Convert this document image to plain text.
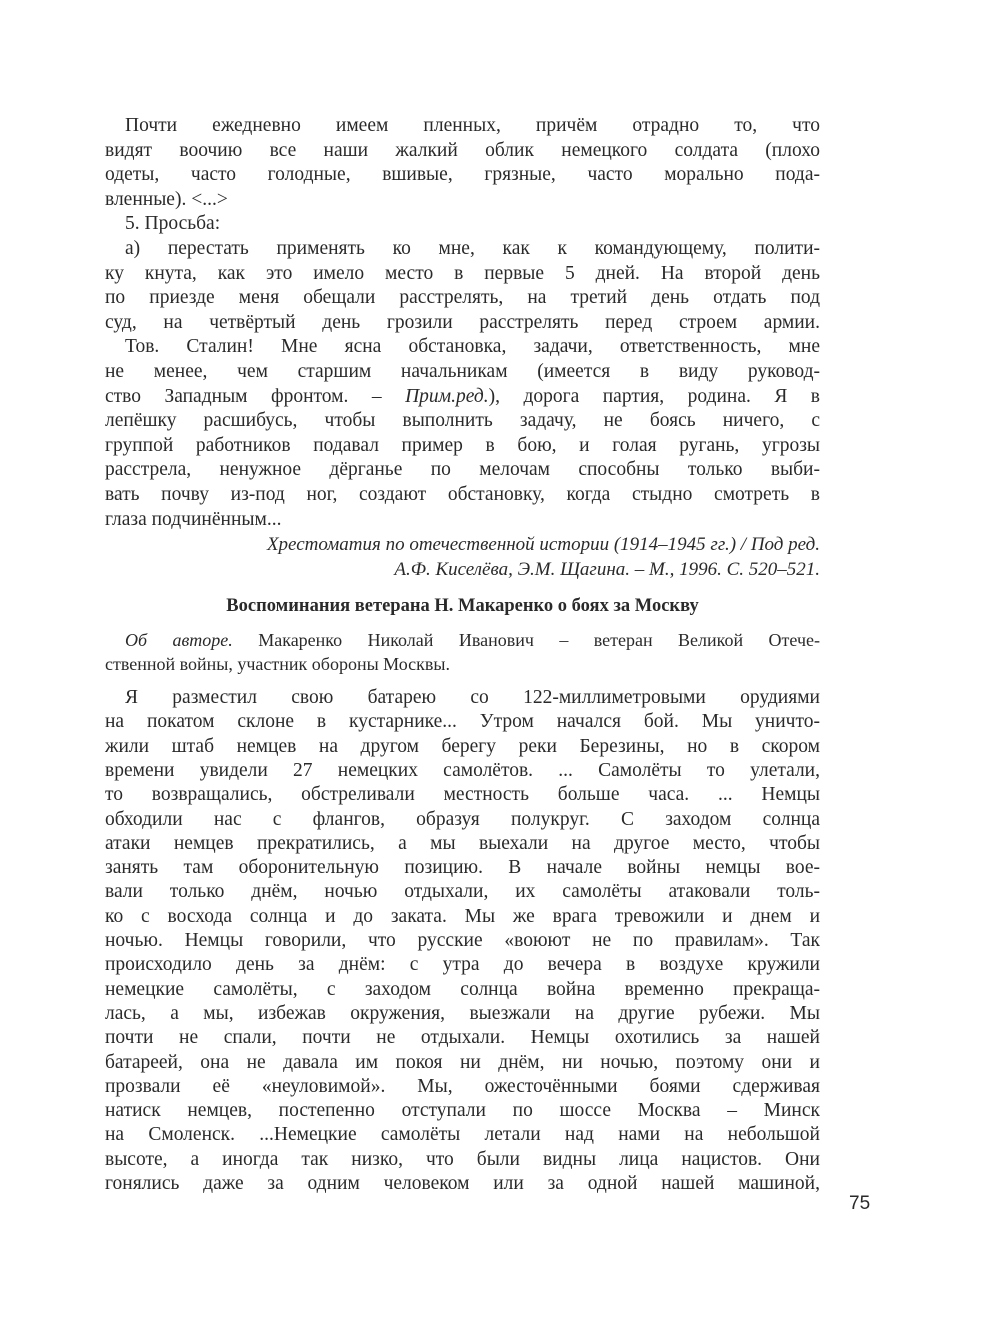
Почти ежедневно имеем пленных, причём отрадно то, что
видят воочию все наши жалкий облик немецкого солдата (плохо
одеты, часто голодные, вшивые, грязные, часто морально пода-
вленные). <...>
5. Просьба:
а) перестать применять ко мне, как к командующему, полити-
ку кнута, как это имело место в первые 5 дней. На второй день
по приезде меня обещали расстрелять, на третий день отдать под
суд, на четвёртый день грозили расстрелять перед строем армии.
Тов. Сталин! Мне ясна обстановка, задачи, ответственность, мне
не менее, чем старшим начальникам (имеется в виду руковод-
ство Западным фронтом. – Прим.ред.), дорога партия, родина. Я в
лепёшку расшибусь, чтобы выполнить задачу, не боясь ничего, с
группой работников подавал пример в бою, и голая ругань, угрозы
расстрела, ненужное дёрганье по мелочам способны только выби-
вать почву из-под ног, создают обстановку, когда стыдно смотреть в
глаза подчинённым...
Хрестоматия по отечественной истории (1914–1945 гг.) / Под ред.
А.Ф. Киселёва, Э.М. Щагина. – М., 1996. С. 520–521.
Воспоминания ветерана Н. Макаренко о боях за Москву
Об авторе. Макаренко Николай Иванович – ветеран Великой Отече-
ственной войны, участник обороны Москвы.
Я разместил свою батарею со 122-миллиметровыми орудиями
на покатом склоне в кустарнике... Утром начался бой. Мы уничто-
жили штаб немцев на другом берегу реки Березины, но в скором
времени увидели 27 немецких самолётов. ... Самолёты то улетали,
то возвращались, обстреливали местность больше часа. ... Немцы
обходили нас с флангов, образуя полукруг. С заходом солнца
атаки немцев прекратились, а мы выехали на другое место, чтобы
занять там оборонительную позицию. В начале войны немцы вое-
вали только днём, ночью отдыхали, их самолёты атаковали толь-
ко с восхода солнца и до заката. Мы же врага тревожили и днем и
ночью. Немцы говорили, что русские «воюют не по правилам». Так
происходило день за днём: с утра до вечера в воздухе кружили
немецкие самолёты, с заходом солнца война временно прекраща-
лась, а мы, избежав окружения, выезжали на другие рубежи. Мы
почти не спали, почти не отдыхали. Немцы охотились за нашей
батареей, она не давала им покоя ни днём, ни ночью, поэтому они и
прозвали её «неуловимой». Мы, ожесточёнными боями сдерживая
натиск немцев, постепенно отступали по шоссе Москва – Минск
на Смоленск. ...Немецкие самолёты летали над нами на небольшой
высоте, а иногда так низко, что были видны лица нацистов. Они
гонялись даже за одним человеком или за одной нашей машиной,
75
